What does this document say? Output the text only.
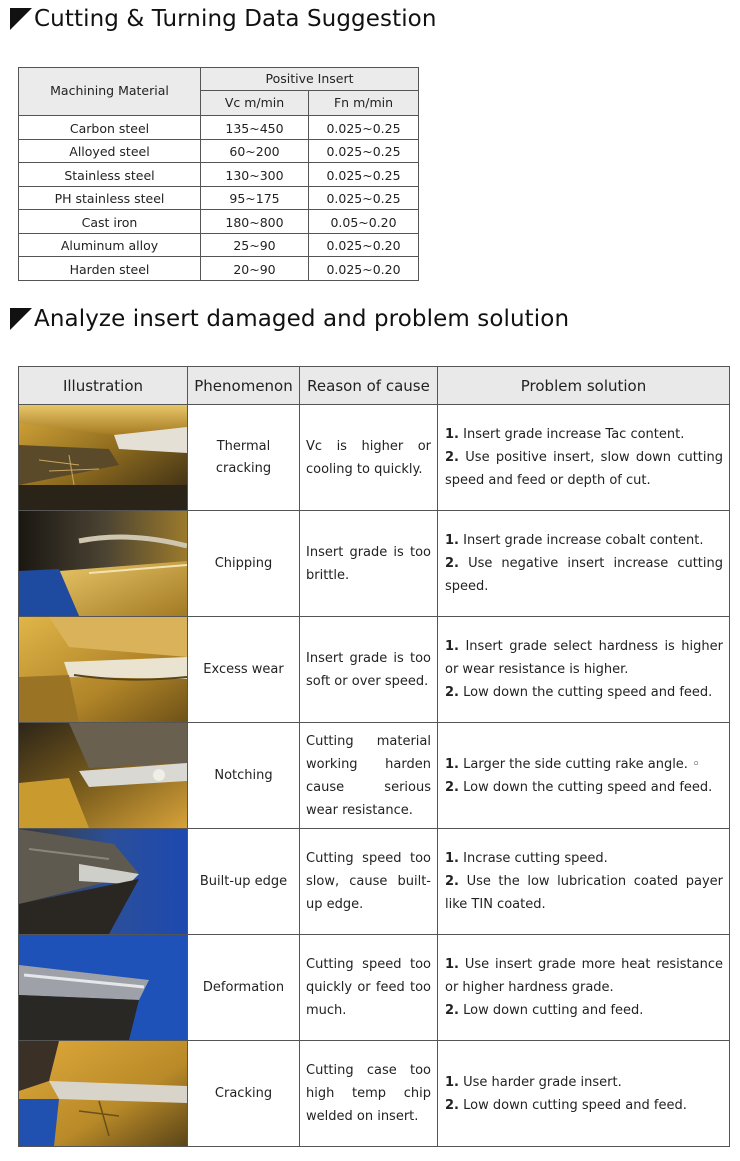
Cutting & Turning Data Suggestion
Machining Material	Positive Insert	
	Vc m/min	Fn m/min
Carbon steel	135~450	0.025~0.25
Alloyed steel	60~200	0.025~0.25
Stainless steel	130~300	0.025~0.25
PH stainless steel	95~175	0.025~0.25
Cast iron	180~800	0.05~0.20
Aluminum alloy	25~90	0.025~0.20
Harden steel	20~90	0.025~0.20
Analyze insert damaged and problem solution
Illustration	Phenomenon	Reason of cause	Problem solution

	Thermal cracking	Vc is higher or cooling to quickly.	1. Insert grade increase Tac content.

2. Use positive insert, slow down cutting speed and feed or depth of cut.

	Chipping	Insert grade is too brittle.	1. Insert grade increase cobalt content.

2. Use negative insert increase cutting speed.

	Excess wear	Insert grade is too soft or over speed.	1. Insert grade select hardness is higher or wear resistance is higher.

2. Low down the cutting speed and feed.

	Notching	Cutting material working harden cause serious wear resistance.	1. Larger the side cutting rake angle. ◦

2. Low down the cutting speed and feed.

	Built-up edge	Cutting speed too slow, cause built-up edge.	1. Incrase cutting speed.

2. Use the low lubrication coated payer like TIN coated.

	Deformation	Cutting speed too quickly or feed too much.	1. Use insert grade more heat resistance or higher hardness grade.

2. Low down cutting and feed.

	Cracking	Cutting case too high temp chip welded on insert.	1. Use harder grade insert.

2. Low down cutting speed and feed.
